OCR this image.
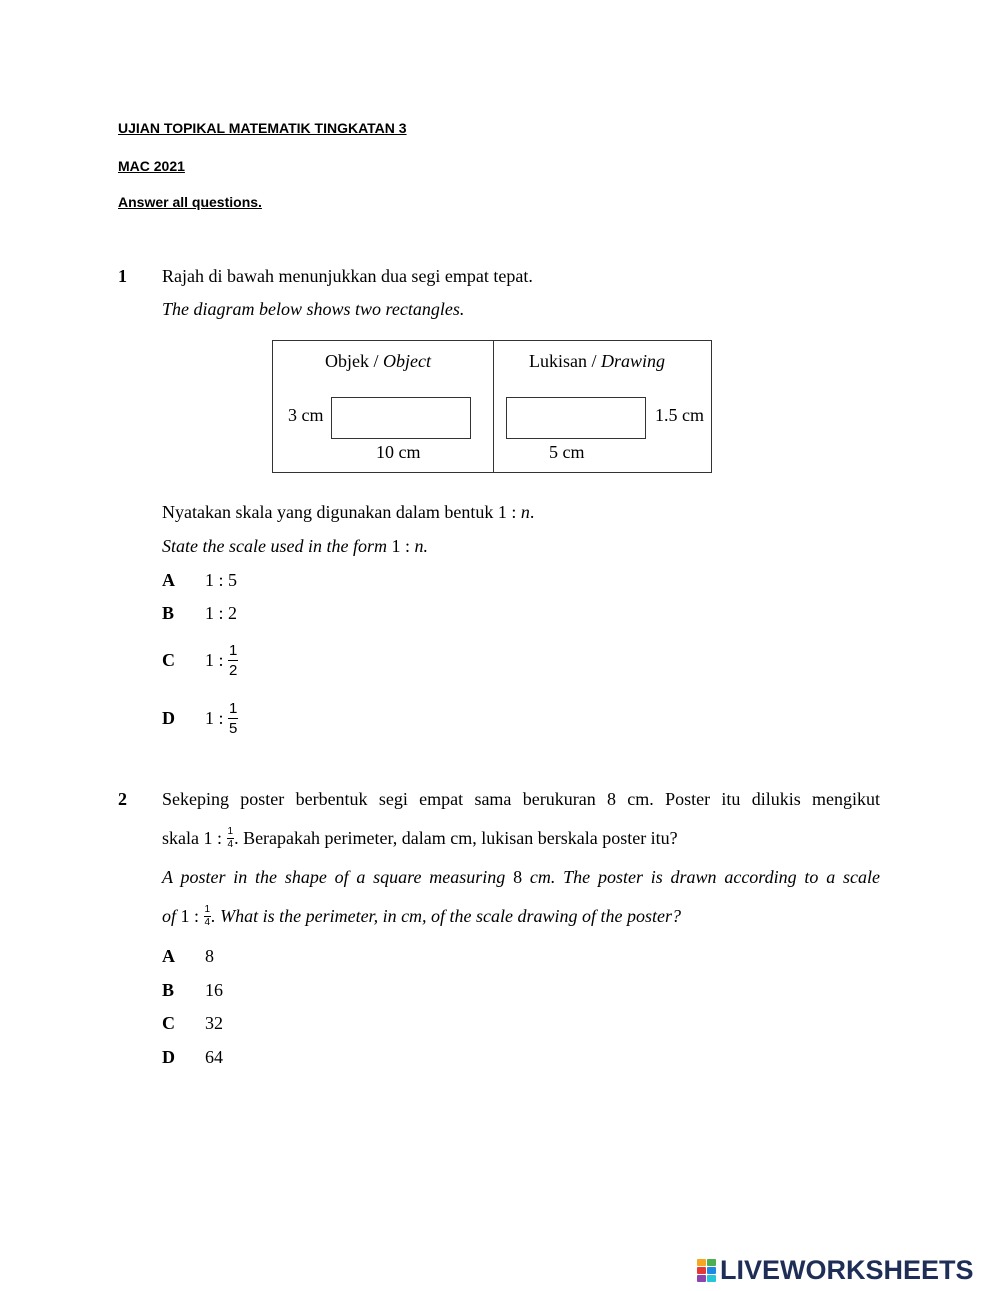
UJIAN TOPIKAL MATEMATIK TINGKATAN 3
MAC 2021
Answer all questions.
1 Rajah di bawah menunjukkan dua segi empat tepat.
The diagram below shows two rectangles.
Objek / Object	Lukisan / Drawing
3 cm
10 cm
1.5 cm
5 cm
Nyatakan skala yang digunakan dalam bentuk 1 : n.
State the scale used in the form 1 : n.
A 1 : 5
B 1 : 2
C 1 : $\frac{1}{2}$
D 1 : $\frac{1}{5}$
2 Sekeping poster berbentuk segi empat sama berukuran 8 cm. Poster itu dilukis mengikut
skala 1 : $\frac{1}{4}$ . Berapakah perimeter, dalam cm, lukisan berskala poster itu?
A poster in the shape of a square measuring 8 cm. The poster is drawn according to a scale
of 1 : $\frac{1}{4}$ . What is the perimeter, in cm, of the scale drawing of the poster?
A 8
B 16
C 32
D 64
LIVEWORKSHEETS
